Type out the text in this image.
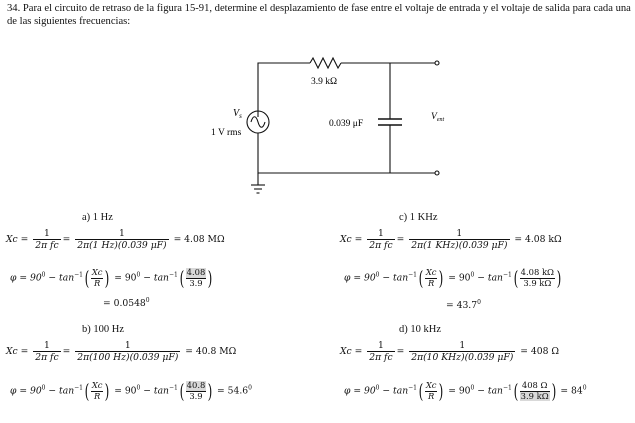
34. Para el circuito de retraso de la figura 15-91, determine el desplazamiento de fase entre el voltaje de entrada y el voltaje de salida para cada una de las siguientes frecuencias:
3.9 kΩ
$V_s$
1 V rms
0.039 μF
$V_{ent}$
a) 1 Hz
$Xc = \frac{1}{\text{2π fc}} = \frac{1}{2\pi(1 Hz)(0.039 \mu F)} = 4.08$ MΩ
$\varphi = 90^0 - \tan^{-1}( \frac{Xc}{R}$ ) = $90^0 - \tan^{-1}( \frac{4.08}{3.9}$ )
= $0.0548^0$
b) 100 Hz
$Xc = \frac{1}{\text{2π fc}} = \frac{1}{2\pi(100 Hz)(0.039 \mu F)} = 40.8$ MΩ
$\varphi = 90^0 - \tan^{-1}( \frac{Xc}{R}$ ) = $90^0 - \tan^{-1}( \frac{40.8}{3.9}$ ) = $54.6^0$
c) 1 KHz
$Xc = \frac{1}{\text{2π fc}} = \frac{1}{\text{2π(1 KHz)(0.039 μF)}} = 4.08$ kΩ
$\varphi = 90^0 - \tan^{-1}( \frac{Xc}{R}$ ) = $90^0 - \tan^{-1}( \frac{4.08 k\Omega}{3.9 k\Omega}$ )
= $43.7^0$
d) 10 kHz
$Xc = \frac{1}{\text{2π fc}} = \frac{1}{\text{2π(10 KHz)(0.039 μF)}} = 408$ Ω
$\varphi = 90^0 - \tan^{-1}( \frac{Xc}{R}$ ) = $90^0 - \tan^{-1}( \frac{408 \Omega}{3.9 k\Omega}$ ) = $84^0$
